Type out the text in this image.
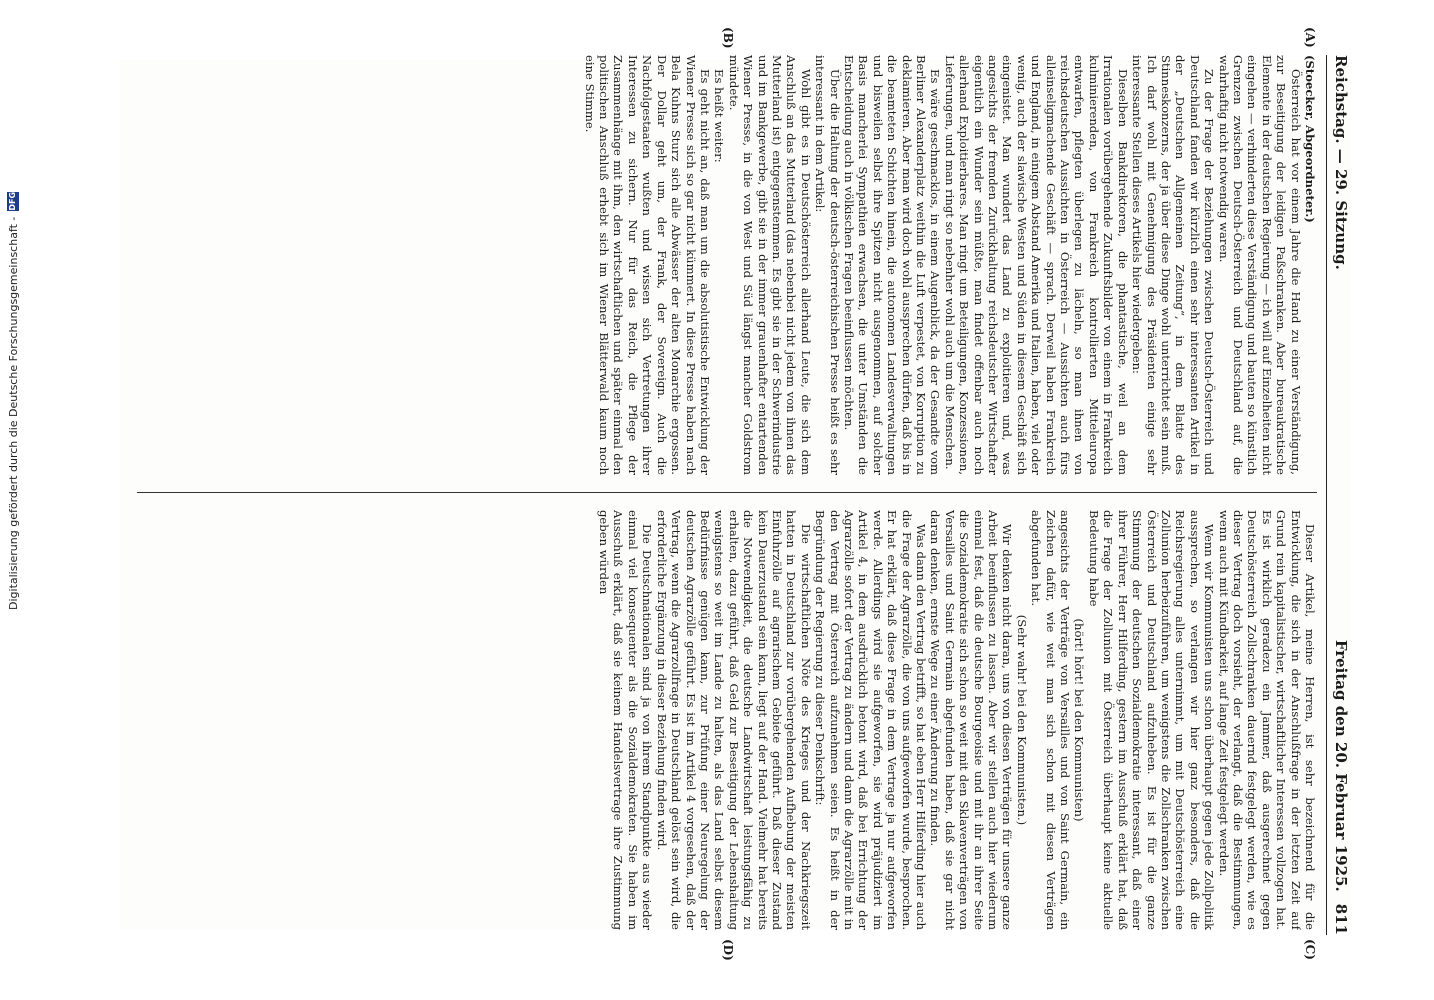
Reichstag. — 29. Sitzung.
Freitag den 20. Februar 1925.
811

(Stoecker, Abgeordneter.)

Österreich hat vor einem Jahre die Hand zu einer Verständigung, zur Beseitigung der leidigen Paßschranken. Aber bureaukratische Elemente in der deutschen Regierung — ich will auf Einzelheiten nicht eingehen — verhinderten diese Verständigung und bauten so künstlich Grenzen zwischen Deutsch-Österreich und Deutschland auf, die wahrhaftig nicht notwendig waren.

Zu der Frage der Beziehungen zwischen Deutsch-Österreich und Deutschland fanden wir kürzlich einen sehr interessanten Artikel in der „Deutschen Allgemeinen Zeitung“, in dem Blatte des Stinneskonzerns, der ja über diese Dinge wohl unterrichtet sein muß. Ich darf wohl mit Genehmigung des Präsidenten einige sehr interessante Stellen dieses Artikels hier wiedergeben:

Dieselben Bankdirektoren, die phantastische, weil an dem Irrationalen vorübergehende Zukunftsbilder von einem in Frankreich kulminierenden, von Frankreich kontrollierten Mitteleuropa entwarfen, pflegten überlegen zu lächeln, so man ihnen von reichsdeutschen Aussichten in Österreich — Aussichten auch fürs alleinseligmachende Geschäft — sprach. Derweil haben Frankreich und England, in einigem Abstand Amerika und Italien, haben, viel oder wenig, auch der slawische Westen und Süden in diesem Geschäft sich eingenistet. Man wundert das Land zu exploitieren und, was angesichts der fremden Zurückhaltung reichsdeutscher Wirtschafter eigentlich ein Wunder sein müßte, man findet offenbar auch noch allerhand Exploitierbares. Man ringt um Beteiligungen, Konzessionen, Lieferungen, und man ringt so nebenher wohl auch um die Menschen.

Es wäre geschmacklos, in einem Augenblick, da der Gesandte vom Berliner Alexanderplatz weithin die Luft verpestet, von Korruption zu deklamieren. Aber man wird doch wohl aussprechen dürfen, daß bis in die beamteten Schichten hinein, die autonomen Landesverwaltungen und bisweilen selbst ihre Spitzen nicht ausgenommen, auf solcher Basis mancherlei Sympathien erwachsen, die unter Umständen die Entscheidung auch in völkischen Fragen beeinflussen möchten.

Über die Haltung der deutsch-österreichischen Presse heißt es sehr interessant in dem Artikel:

Wohl gibt es in Deutschösterreich allerhand Leute, die sich dem Anschluß an das Mutterland (das nebenbei nicht jedem von ihnen das Mutterland ist) entgegenstemmen. Es gibt sie in der Schwerindustrie und im Bankgewerbe, gibt sie in der immer grauenhafter entartenden Wiener Presse, in die von West und Süd längst mancher Goldstrom mündete.

Es heißt weiter:

Es geht nicht an, daß man um die absolutistische Entwicklung der Wiener Presse sich so gar nicht kümmert. In diese Presse haben nach Bela Kuhns Sturz sich alle Abwässer der alten Monarchie ergossen. Der Dollar geht um, der Frank, der Sovereign. Auch die Nachfolgestaaten wußten und wissen sich Vertretungen ihrer Interessen zu sichern. Nur für das Reich, die Pflege der Zusammenhänge mit ihm, den wirtschaftlichen und später einmal den politischen Anschluß erhebt sich im Wiener Blätterwald kaum noch eine Stimme.

Dieser Artikel, meine Herren, ist sehr bezeichnend für die Entwicklung, die sich in der Anschlußfrage in der letzten Zeit auf Grund rein kapitalistischer, wirtschaftlicher Interessen vollzogen hat. Es ist wirklich geradezu ein Jammer, daß ausgerechnet gegen Deutschösterreich Zollschranken dauernd festgelegt werden, wie es dieser Vertrag doch vorsieht, der verlangt, daß die Bestimmungen, wenn auch mit Kündbarkeit, auf lange Zeit festgelegt werden.

Wenn wir Kommunisten uns schon überhaupt gegen jede Zollpolitik aussprechen, so verlangen wir hier ganz besonders, daß die Reichsregierung alles unternimmt, um mit Deutschösterreich eine Zollunion herbeizuführen, um wenigstens die Zollschranken zwischen Österreich und Deutschland aufzuheben. Es ist für die ganze Stimmung der deutschen Sozialdemokratie interessant, daß einer ihrer Führer, Herr Hilferding, gestern im Ausschuß erklärt hat, daß die Frage der Zollunion mit Österreich überhaupt keine aktuelle Bedeutung habe

(hört! hört! bei den Kommunisten)

angesichts der Verträge von Versailles und von Saint Germain, ein Zeichen dafür, wie weit man sich schon mit diesen Verträgen abgefunden hat.

(Sehr wahr! bei den Kommunisten.)

Wir denken nicht daran, uns von diesen Verträgen für unsere ganze Arbeit beeinflussen zu lassen. Aber wir stellen auch hier wiederum einmal fest, daß die deutsche Bourgeoisie und mit ihr an ihrer Seite die Sozialdemokratie sich schon so weit mit den Sklavenverträgen von Versailles und Saint Germain abgefunden haben, daß sie gar nicht daran denken, ernste Wege zu einer Änderung zu finden.

Was dann den Vertrag betrifft, so hat eben Herr Hilferding hier auch die Frage der Agrarzölle, die von uns aufgeworfen wurde, besprochen. Er hat erklärt, daß diese Frage in dem Vertrage ja nur aufgeworfen werde. Allerdings wird sie aufgeworfen, sie wird präjudiziert im Artikel 4, in dem ausdrücklich betont wird, daß bei Errichtung der Agrarzölle sofort der Vertrag zu ändern und dann die Agrarzölle mit in den Vertrag mit Österreich aufzunehmen seien. Es heißt in der Begründung der Regierung zu dieser Denkschrift:

Die wirtschaftlichen Nöte des Krieges und der Nachkriegszeit hatten in Deutschland zur vorübergehenden Aufhebung der meisten Einfuhrzölle auf agrarischem Gebiete geführt. Daß dieser Zustand kein Dauerzustand sein kann, liegt auf der Hand. Vielmehr hat bereits die Notwendigkeit, die deutsche Landwirtschaft leistungsfähig zu erhalten, dazu geführt, daß Geld zur Beseitigung der Lebenshaltung wenigstens so weit im Lande zu halten, als das Land selbst diesem Bedürfnisse genügen kann, zur Prüfung einer Neuregelung der deutschen Agrarzölle geführt. Es ist im Artikel 4 vorgesehen, daß der Vertrag, wenn die Agrarzollfrage in Deutschland gelöst sein wird, die erforderliche Ergänzung in dieser Beziehung finden wird.

Die Deutschnationalen sind ja von ihrem Standpunkte aus wieder einmal viel konsequenter als die Sozialdemokraten. Sie haben im Ausschuß erklärt, daß sie keinem Handelsvertrage ihre Zustimmung geben würden

(A)
(B)
(C)
(D)
Digitalisierung gefördert durch die Deutsche Forschungsgemeinschaft -
DFG
